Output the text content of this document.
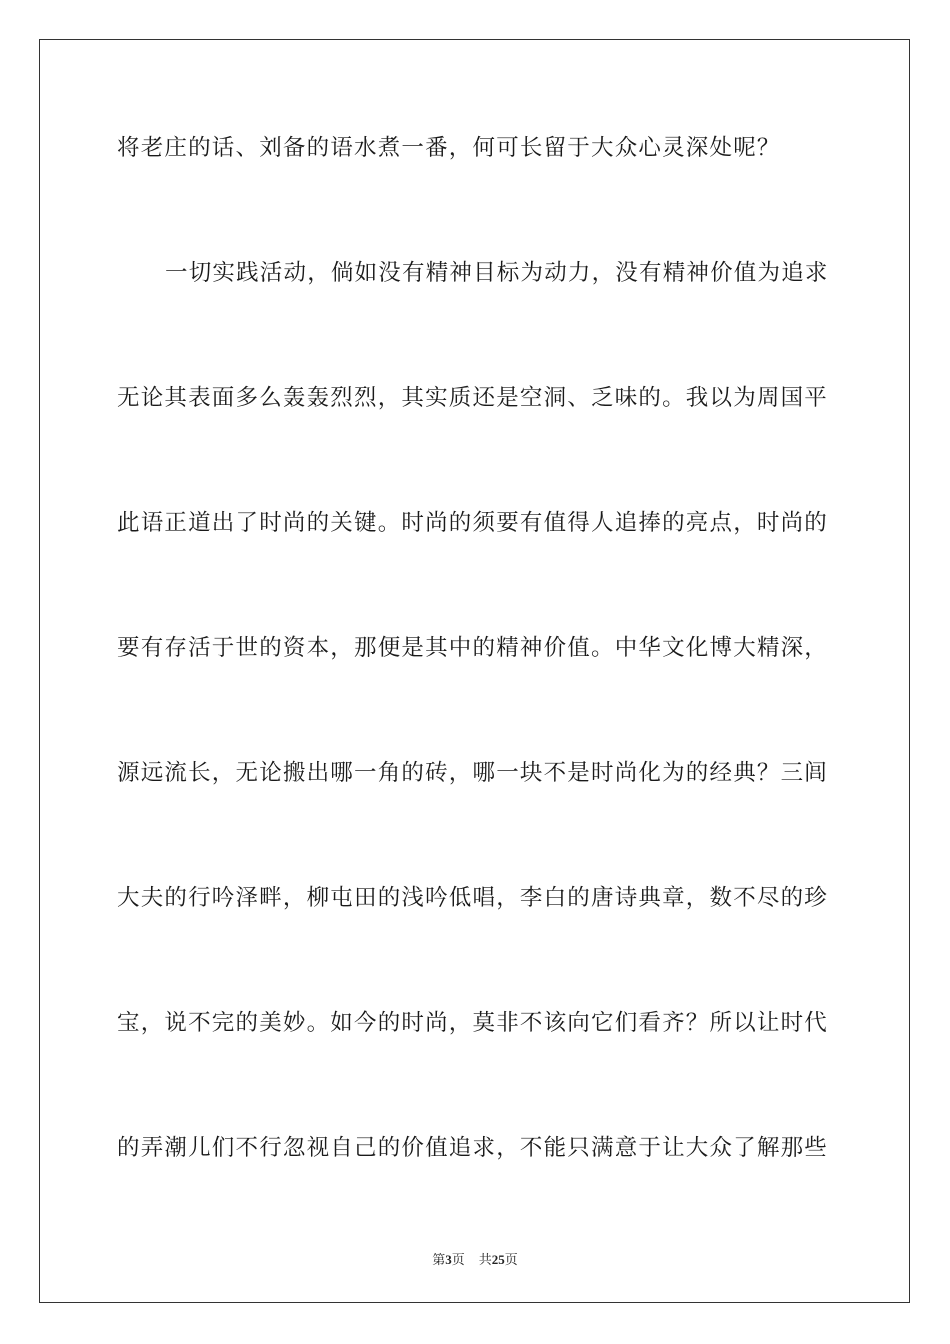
将老庄的话、刘备的语水煮一番，何可长留于大众心灵深处呢？
一切实践活动，倘如没有精神目标为动力，没有精神价值为追求
无论其表面多么轰轰烈烈，其实质还是空洞、乏味的。我以为周国平
此语正道出了时尚的关键。时尚的须要有值得人追捧的亮点，时尚的
要有存活于世的资本，那便是其中的精神价值。中华文化博大精深，
源远流长，无论搬出哪一角的砖，哪一块不是时尚化为的经典？三闾
大夫的行吟泽畔，柳屯田的浅吟低唱，李白的唐诗典章，数不尽的珍
宝，说不完的美妙。如今的时尚，莫非不该向它们看齐？所以让时代
的弄潮儿们不行忽视自己的价值追求，不能只满意于让大众了解那些
第3页 共25页
